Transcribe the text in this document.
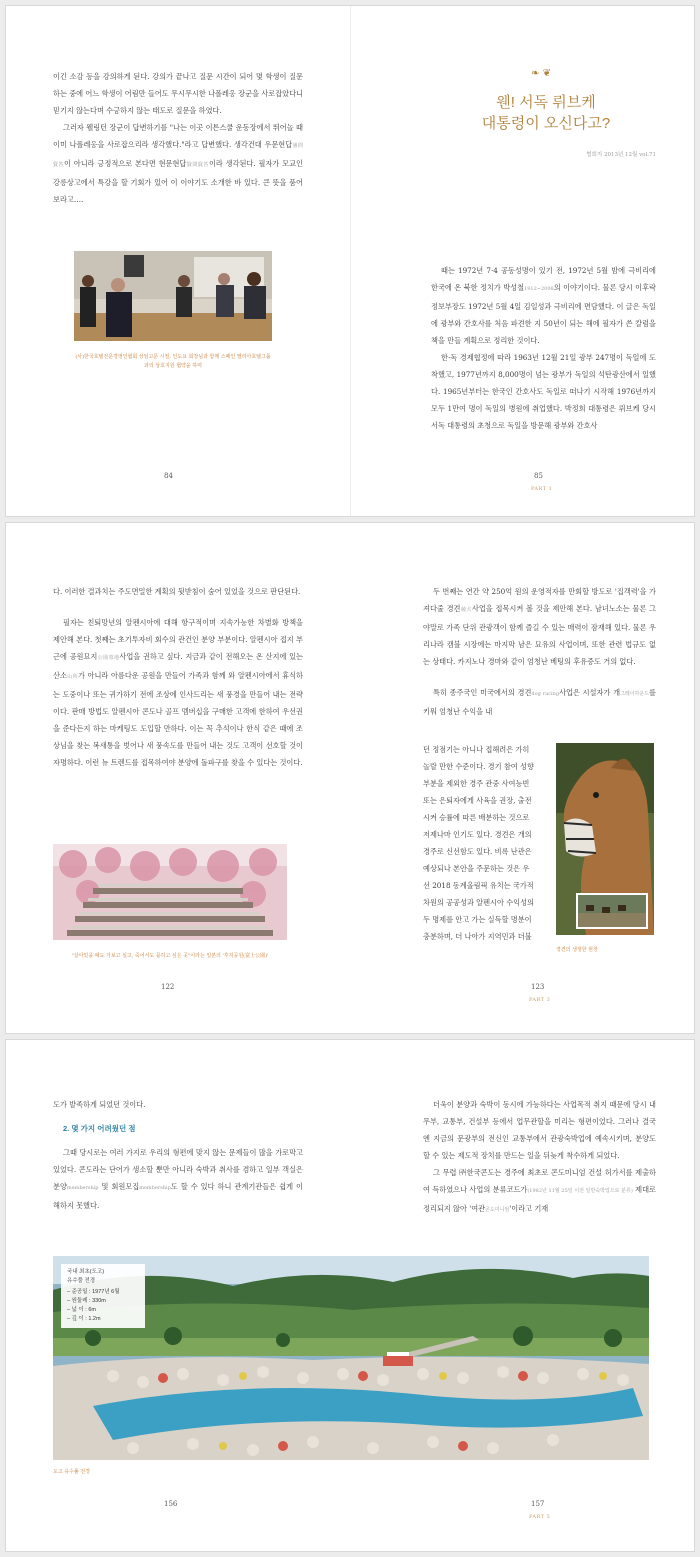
이긴 소감 등을 강의하게 된다. 강의가 끝나고 질문 시간이 되어 몇 학생이 질문하는 중에 어느 학생이 어림만 들어도 무시무시한 나폴레옹 장군을 사로잡았다니 믿기지 않는다며 수긍하지 않는 태도로 질문을 하였다.

그러자 웰링턴 장군이 답변하기를 "나는 이곳 이튼스쿨 운동장에서 뛰어놀 때 이미 나폴레옹을 사로잡으리라 생각했다."라고 답변했다. 생각건대 우문현답愚問賢答이 아니라 긍정적으로 본다면 현문현답賢問賢答이라 생각된다. 필자가 모교인 강릉상고에서 특강을 할 기회가 있어 이 이야기도 소개한 바 있다. 큰 뜻을 품어 보라고….

(사)한국호텔전문경영인협회 상임고문 시절, 인도요 회장님과 함께 스페인 멜리아호텔그룹과의 상호지원 협약을 하며

84
❧ ❦
웬! 서독 뤼브케
대통령이 오신다고?
협회지 2013년 12월 vol.71

때는 1972년 7·4 공동성명이 있기 전, 1972년 5월 밤에 극비리에 한국에 온 북한 정치가 박성철1912~2008의 이야기이다. 물론 당시 이후락 정보부장도 1972년 5월 4일 김일성과 극비리에 면담했다. 이 글은 독일에 광부와 간호사를 처음 파견한 지 50년이 되는 해에 필자가 쓴 칼럼을 책을 만들 계획으로 정리한 것이다.

한·독 경제협정에 따라 1963년 12월 21일 광부 247명이 독일에 도착했고, 1977년까지 8,000명이 넘는 광부가 독일의 석탄광산에서 일했다. 1965년부터는 한국인 간호사도 독일로 떠나기 시작해 1976년까지 모두 1만여 명이 독일의 병원에 취업했다. 박정희 대통령은 뤼브케 당시 서독 대통령의 초청으로 독일을 방문해 광부와 간호사

85
PART 1

다. 이러한 결과치는 주도면밀한 계획의 뒷받침이 숨어 있었을 것으로 판단된다.

필자는 친퇴망년의 알펜시아에 대해 항구적이며 지속가능한 차별화 방책을 제안해 본다. 첫째는 초기투자비 회수의 관건인 분양 부분이다. 알펜시아 접지 부근에 공원묘지公園墓地사업을 권하고 싶다. 지금과 같이 전해오는 온 산지에 있는 산소山所가 아니라 아름다운 공원을 만들어 가족과 함께 와 알펜시아에서 휴식하는 도중이나 또는 귀가하기 전에 조상에 인사드리는 새 풍경을 만들어 내는 전략이다. 판매 방법도 알펜시아 콘도나 골프 멤버십을 구매한 고객에 한하여 우선권을 준다든지 하는 마케팅도 도입할 만하다. 이는 꼭 추석이나 한식 같은 때에 조상님을 찾는 복새통을 벗어나 새 풍속도를 만들어 내는 것도 고객이 선호할 것이 자명하다. 이런 뉴 트렌드를 접목하여야 분양에 돌파구를 찾을 수 있다는 것이다.

"살아있을 때도 가보고 싶고, 죽어서도 묻히고 싶은 곳"이라는 일본의 '후지공원(富士公園)'

122

두 번째는 연간 약 250억 원의 운영적자를 만회할 방도로 '집객력'을 가져다줄 경견競犬사업을 접목시켜 볼 것을 제안해 본다. 남녀노소는 물론 그야말로 가족 단위 관광객이 함께 즐길 수 있는 매력이 잠재해 있다. 물론 우리나라 캠블 시장에는 마지막 남은 묘유의 사업이며, 또한 관련 법규도 없는 상태다. 카지노나 경마와 같이 엄청난 베팅의 후유증도 거의 없다.

특히 종주국인 미국에서의 경견dog racing사업은 시설자가 개그레이하운드를 키워 엄청난 수익을 내

던 정점기는 아니나 접해려은 가히
놀랄 만한 수준이다. 경기 참여 성향
부분을 제외한 경주 관중 사여능빈
또는 은퇴자에게 사육을 권장, 출전
시켜 승률에 따른 배분하는 것으로
저제나마 인기도 있다. 경견은 개의
경주로 신선함도 있다. 비록 난관은
예상되나 본안을 주문하는 것은 우
선 2018 동계올림픽 유치는 국가적
차원의 공공성과 알펜시아 수익성의
두 명제를 안고 가는 실득할 명분이
충분하며, 더 나아가 지역민과 더불

경견의 생생한 현장

123
PART 3

도가 발족하게 되었던 것이다.

2. 몇 가지 어려웠던 점

그때 당시로는 여러 가지로 우리의 형편에 맞지 않는 문제들이 많을 가로막고 있었다. 콘도라는 단어가 생소할 뿐만 아니라 숙박과 취사를 겸하고 일부 객실은 분양membership 및 회원모집membership도 할 수 있다 하니 관계기관들은 쉽게 이해하지 못했다.

156

더욱이 분양과 숙박이 동시에 가능하다는 사업목적 취지 때문에 당시 내무부, 교통부, 건설부 등에서 업무관할을 미리는 형편이었다. 그러나 결국엔 지금의 문광부의 전신인 교통부에서 관광숙박업에 예속시키며, 분양도 할 수 있는 제도적 장치를 만드는 일을 뒤늦게 착수하게 되었다.

그 무렵 ㈜한국콘도는 경주에 최초로 콘도미니엄 건설 허가서를 제출하여 득하였으나 사업의 분류코드가(1982년 11월 25일 이전 일반숙박업으로 분류) 제대로 정리되지 않아 '여관콘도미니엄'이라고 기재

157
PART 5
국내 최초(도고)
유수풀 전경
– 준공일 : 1977년 6월
– 원둘레 : 330m
– 넓 이 : 6m
– 깊 이 : 1.2m

도고 유수풀 전경
